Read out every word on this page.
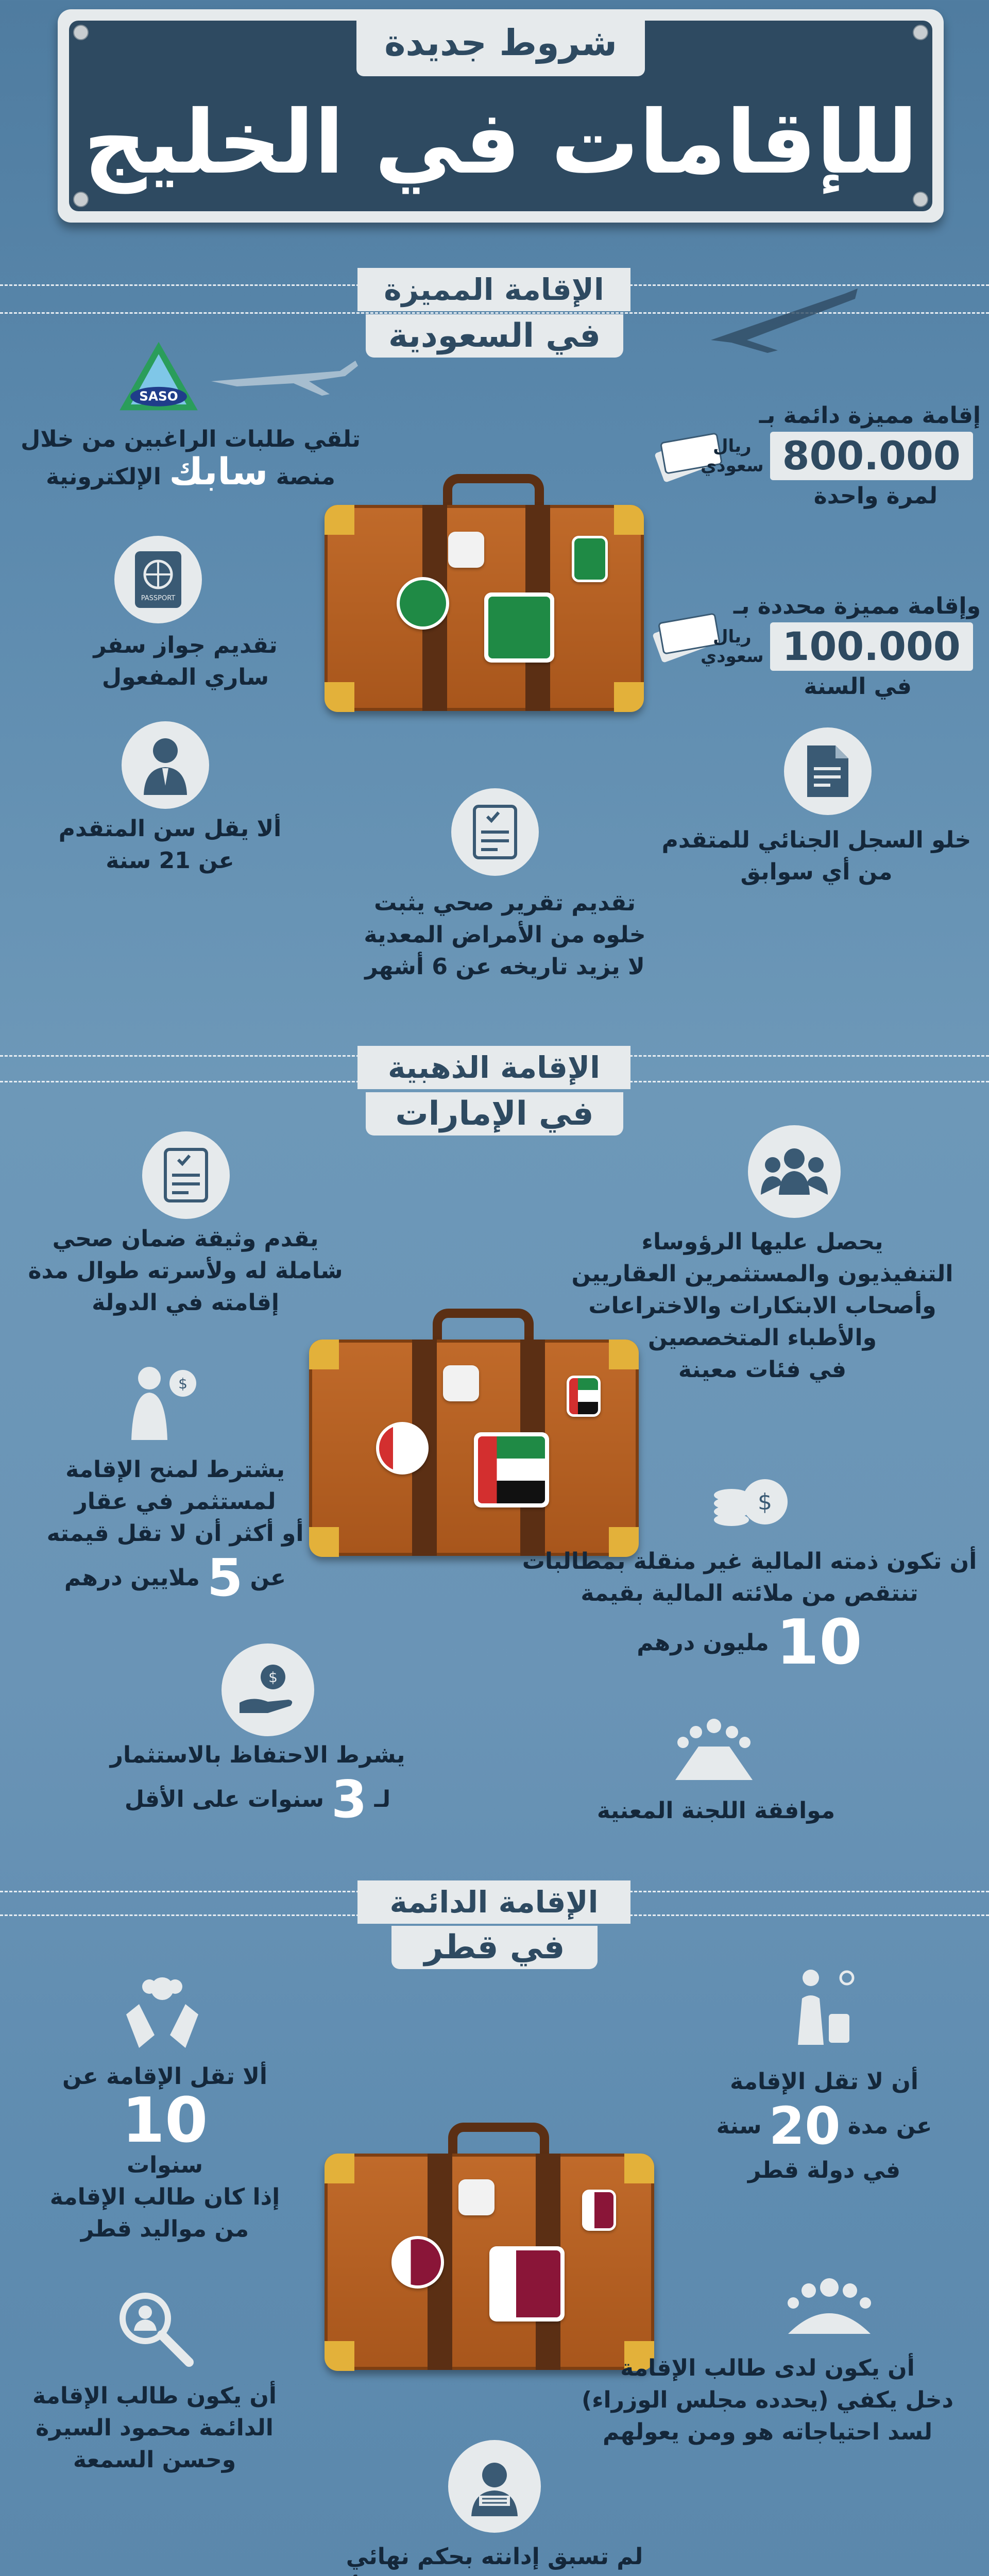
شروط جديدة
للإقامات في الخليج
الإقامة المميزة
في السعودية
SASO
تلقي طلبات الراغبين من خلال
منصة سابك الإلكترونية
PASSPORT
تقديم جواز سفر
ساري المفعول
ألا يقل سن المتقدم
عن 21 سنة
إقامة مميزة دائمة بـ
800.000
ريال
سعودي
لمرة واحدة
وإقامة مميزة محددة بـ
100.000
ريال
سعودي
في السنة
خلو السجل الجنائي للمتقدم
من أي سوابق
تقديم تقرير صحي يثبت
خلوه من الأمراض المعدية
لا يزيد تاريخه عن 6 أشهر
الإقامة الذهبية
في الإمارات
يقدم وثيقة ضمان صحي
شاملة له ولأسرته طوال مدة
إقامته في الدولة
$
يشترط لمنح الإقامة
لمستثمر في عقار
أو أكثر أن لا تقل قيمته
عن
5
ملايين درهم
$
يشرط الاحتفاظ بالاستثمار
لـ
3
سنوات على الأقل
يحصل عليها الرؤوساء
التنفيذيون والمستثمرين العقاريين
وأصحاب الابتكارات والاختراعات
والأطباء المتخصصين
في فئات معينة
$
أن تكون ذمته المالية غير منقلة بمطالبات
تنتقص من ملائته المالية بقيمة
10
مليون درهم
موافقة اللجنة المعنية
الإقامة الدائمة
في قطر
ألا تقل الإقامة عن
10
سنوات
إذا كان طالب الإقامة
من مواليد قطر
أن يكون طالب الإقامة
الدائمة محمود السيرة
وحسن السمعة
أن لا تقل الإقامة
عن مدة
20
سنة
في دولة قطر
أن يكون لدى طالب الإقامة
دخل يكفي (يحدده مجلس الوزراء)
لسد احتياجاته هو ومن يعولهم
لم تسبق إدانته بحكم نهائي
